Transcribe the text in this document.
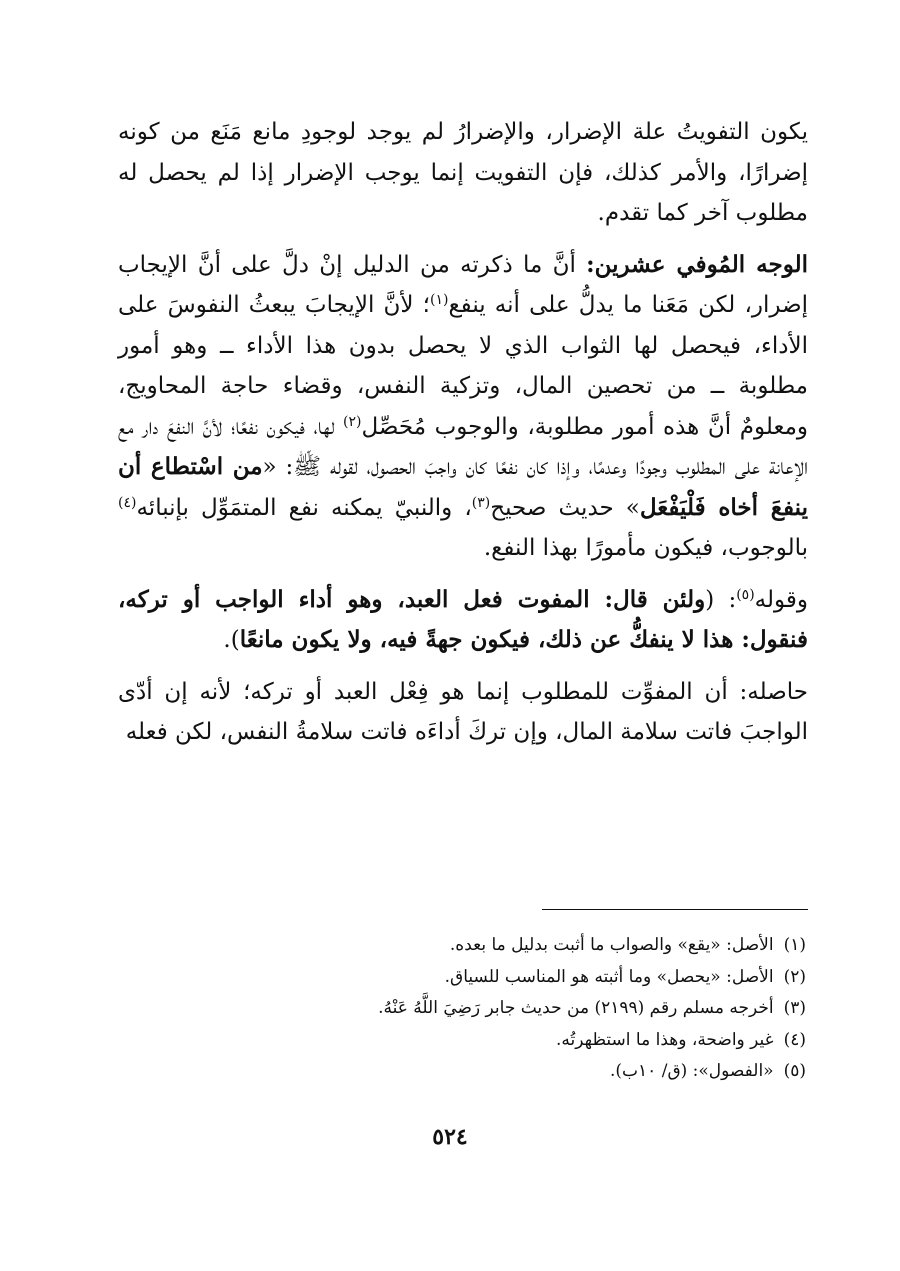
يكون التفويتُ علة الإضرار، والإضرارُ لم يوجد لوجودِ مانع مَنَع من كونه إضرارًا، والأمر كذلك، فإن التفويت إنما يوجب الإضرار إذا لم يحصل له مطلوب آخر كما تقدم.

الوجه المُوفي عشرين: أنَّ ما ذكرته من الدليل إنْ دلَّ على أنَّ الإيجاب إضرار، لكن مَعَنا ما يدلُّ على أنه ينفع$^{(١)}$؛ لأنَّ الإيجابَ يبعثُ النفوسَ على الأداء، فيحصل لها الثواب الذي لا يحصل بدون هذا الأداء ــ وهو أمور مطلوبة ــ من تحصين المال، وتزكية النفس، وقضاء حاجة المحاويج، ومعلومٌ أنَّ هذه أمور مطلوبة، والوجوب مُحَصِّل$^{(٢)}$ لها، فيكون نفعًا؛ لأنَّ النفعَ دار مع الإعانة على المطلوب وجودًا وعدمًا، وإذا كان نفعًا كان واجبَ الحصول، لقوله ﷺ: «من اسْتطاع أن ينفعَ أخاه فَلْيَفْعَل» حديث صحيح$^{(٣)}$، والنبيّ يمكنه نفع المتمَوِّل بإنبائه$^{(٤)}$ بالوجوب، فيكون مأمورًا بهذا النفع.

وقوله$^{(٥)}$: (ولئن قال: المفوت فعل العبد، وهو أداء الواجب أو تركه، فنقول: هذا لا ينفكُّ عن ذلك، فيكون جهةً فيه، ولا يكون مانعًا).

حاصله: أن المفوِّت للمطلوب إنما هو فِعْل العبد أو تركه؛ لأنه إن أدّى الواجبَ فاتت سلامة المال، وإن تركَ أداءَه فاتت سلامةُ النفس، لكن فعله

(١)
الأصل: «يقع» والصواب ما أثبت بدليل ما بعده.
(٢)
الأصل: «يحصل» وما أثبته هو المناسب للسياق.
(٣)
أخرجه مسلم رقم (٢١٩٩) من حديث جابر رَضِيَ اللَّهُ عَنْهُ.
(٤)
غير واضحة، وهذا ما استظهرتُه.
(٥)
«الفصول»: (ق/ ١٠ب).
٥٢٤
